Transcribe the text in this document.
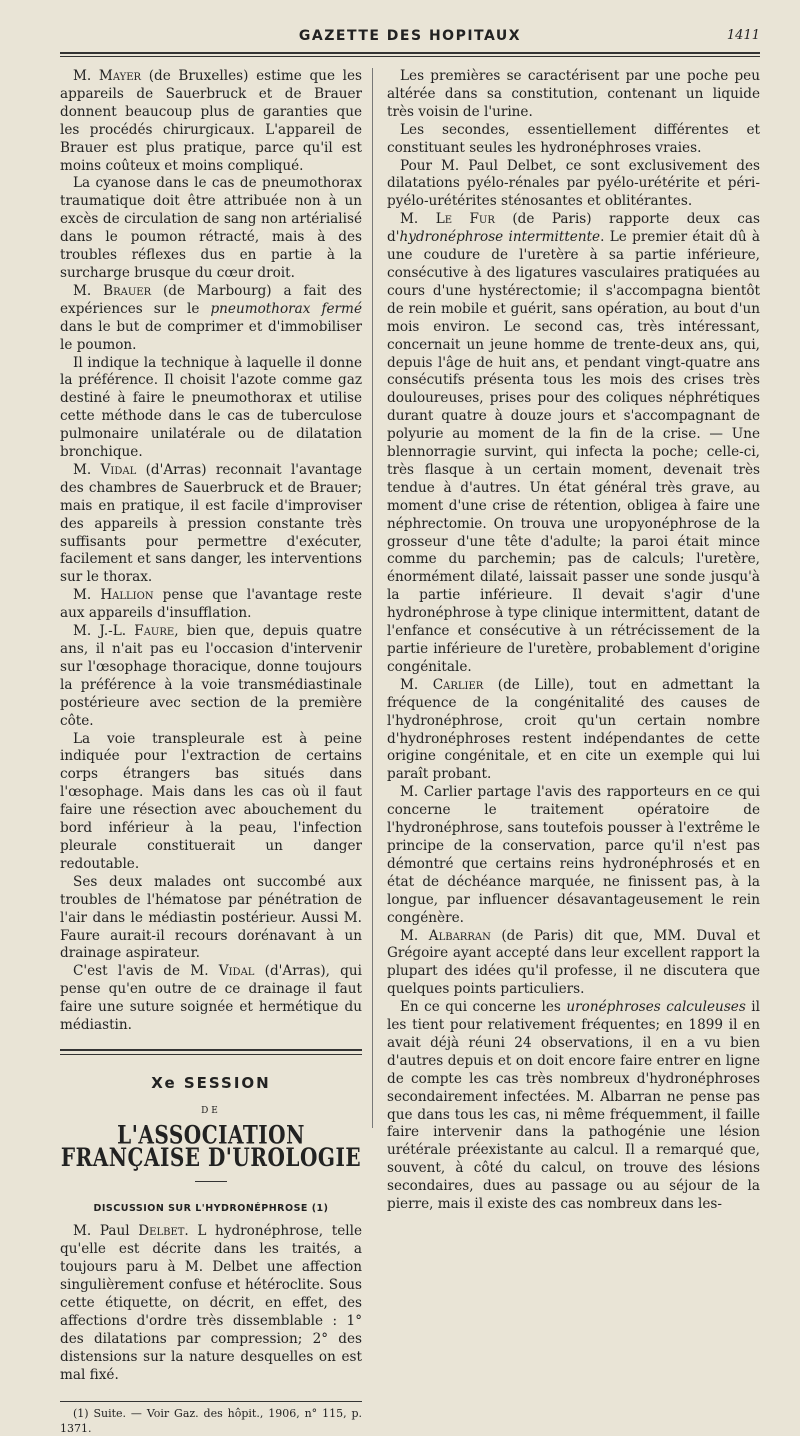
GAZETTE DES HOPITAUX	1411

M. Mayer (de Bruxelles) estime que les appareils de Sauerbruck et de Brauer donnent beaucoup plus de garanties que les procédés chirurgicaux. L'appareil de Brauer est plus pratique, parce qu'il est moins coûteux et moins compliqué.

La cyanose dans le cas de pneumothorax traumatique doit être attribuée non à un excès de circulation de sang non artérialisé dans le poumon rétracté, mais à des troubles réflexes dus en partie à la surcharge brusque du cœur droit.

M. Brauer (de Marbourg) a fait des expériences sur le pneumothorax fermé dans le but de comprimer et d'immobiliser le poumon.

Il indique la technique à laquelle il donne la préférence. Il choisit l'azote comme gaz destiné à faire le pneumothorax et utilise cette méthode dans le cas de tuberculose pulmonaire unilatérale ou de dilatation bronchique.

M. Vidal (d'Arras) reconnait l'avantage des chambres de Sauerbruck et de Brauer; mais en pratique, il est facile d'improviser des appareils à pression constante très suffisants pour permettre d'exécuter, facilement et sans danger, les interventions sur le thorax.

M. Hallion pense que l'avantage reste aux appareils d'insufflation.

M. J.-L. Faure, bien que, depuis quatre ans, il n'ait pas eu l'occasion d'intervenir sur l'œsophage thoracique, donne toujours la préférence à la voie transmédiastinale postérieure avec section de la première côte.

La voie transpleurale est à peine indiquée pour l'extraction de certains corps étrangers bas situés dans l'œsophage. Mais dans les cas où il faut faire une résection avec abouchement du bord inférieur à la peau, l'infection pleurale constituerait un danger redoutable.

Ses deux malades ont succombé aux troubles de l'hématose par pénétration de l'air dans le médiastin postérieur. Aussi M. Faure aurait-il recours dorénavant à un drainage aspirateur.

C'est l'avis de M. Vidal (d'Arras), qui pense qu'en outre de ce drainage il faut faire une suture soignée et hermétique du médiastin.

Xe SESSION
DE
L'ASSOCIATION FRANÇAISE D'UROLOGIE
DISCUSSION SUR L'HYDRONÉPHROSE (1)

M. Paul Delbet. L hydronéphrose, telle qu'elle est décrite dans les traités, a toujours paru à M. Delbet une affection singulièrement confuse et hétéroclite. Sous cette étiquette, on décrit, en effet, des affections d'ordre très dissemblable : 1° des dilatations par compression; 2° des distensions sur la nature desquelles on est mal fixé.

(1) Suite. — Voir Gaz. des hôpit., 1906, n° 115, p. 1371.

Les premières se caractérisent par une poche peu altérée dans sa constitution, contenant un liquide très voisin de l'urine.

Les secondes, essentiellement différentes et constituant seules les hydronéphroses vraies.

Pour M. Paul Delbet, ce sont exclusivement des dilatations pyélo-rénales par pyélo-urétérite et péri-pyélo-urétérites sténosantes et oblitérantes.

M. Le Fur (de Paris) rapporte deux cas d'hydronéphrose intermittente. Le premier était dû à une coudure de l'uretère à sa partie inférieure, consécutive à des ligatures vasculaires pratiquées au cours d'une hystérectomie; il s'accompagna bientôt de rein mobile et guérit, sans opération, au bout d'un mois environ. Le second cas, très intéressant, concernait un jeune homme de trente-deux ans, qui, depuis l'âge de huit ans, et pendant vingt-quatre ans consécutifs présenta tous les mois des crises très douloureuses, prises pour des coliques néphrétiques durant quatre à douze jours et s'accompagnant de polyurie au moment de la fin de la crise. — Une blennorragie survint, qui infecta la poche; celle-ci, très flasque à un certain moment, devenait très tendue à d'autres. Un état général très grave, au moment d'une crise de rétention, obligea à faire une néphrectomie. On trouva une uropyonéphrose de la grosseur d'une tête d'adulte; la paroi était mince comme du parchemin; pas de calculs; l'uretère, énormément dilaté, laissait passer une sonde jusqu'à la partie inférieure. Il devait s'agir d'une hydronéphrose à type clinique intermittent, datant de l'enfance et consécutive à un rétrécissement de la partie inférieure de l'uretère, probablement d'origine congénitale.

M. Carlier (de Lille), tout en admettant la fréquence de la congénitalité des causes de l'hydronéphrose, croit qu'un certain nombre d'hydronéphroses restent indépendantes de cette origine congénitale, et en cite un exemple qui lui paraît probant.

M. Carlier partage l'avis des rapporteurs en ce qui concerne le traitement opératoire de l'hydronéphrose, sans toutefois pousser à l'extrême le principe de la conservation, parce qu'il n'est pas démontré que certains reins hydronéphrosés et en état de déchéance marquée, ne finissent pas, à la longue, par influencer désavantageusement le rein congénère.

M. Albarran (de Paris) dit que, MM. Duval et Grégoire ayant accepté dans leur excellent rapport la plupart des idées qu'il professe, il ne discutera que quelques points particuliers.

En ce qui concerne les uronéphroses calculeuses il les tient pour relativement fréquentes; en 1899 il en avait déjà réuni 24 observations, il en a vu bien d'autres depuis et on doit encore faire entrer en ligne de compte les cas très nombreux d'hydronéphroses secondairement infectées. M. Albarran ne pense pas que dans tous les cas, ni même fréquemment, il faille faire intervenir dans la pathogénie une lésion urétérale préexistante au calcul. Il a remarqué que, souvent, à côté du calcul, on trouve des lésions secondaires, dues au passage ou au séjour de la pierre, mais il existe des cas nombreux dans les-
